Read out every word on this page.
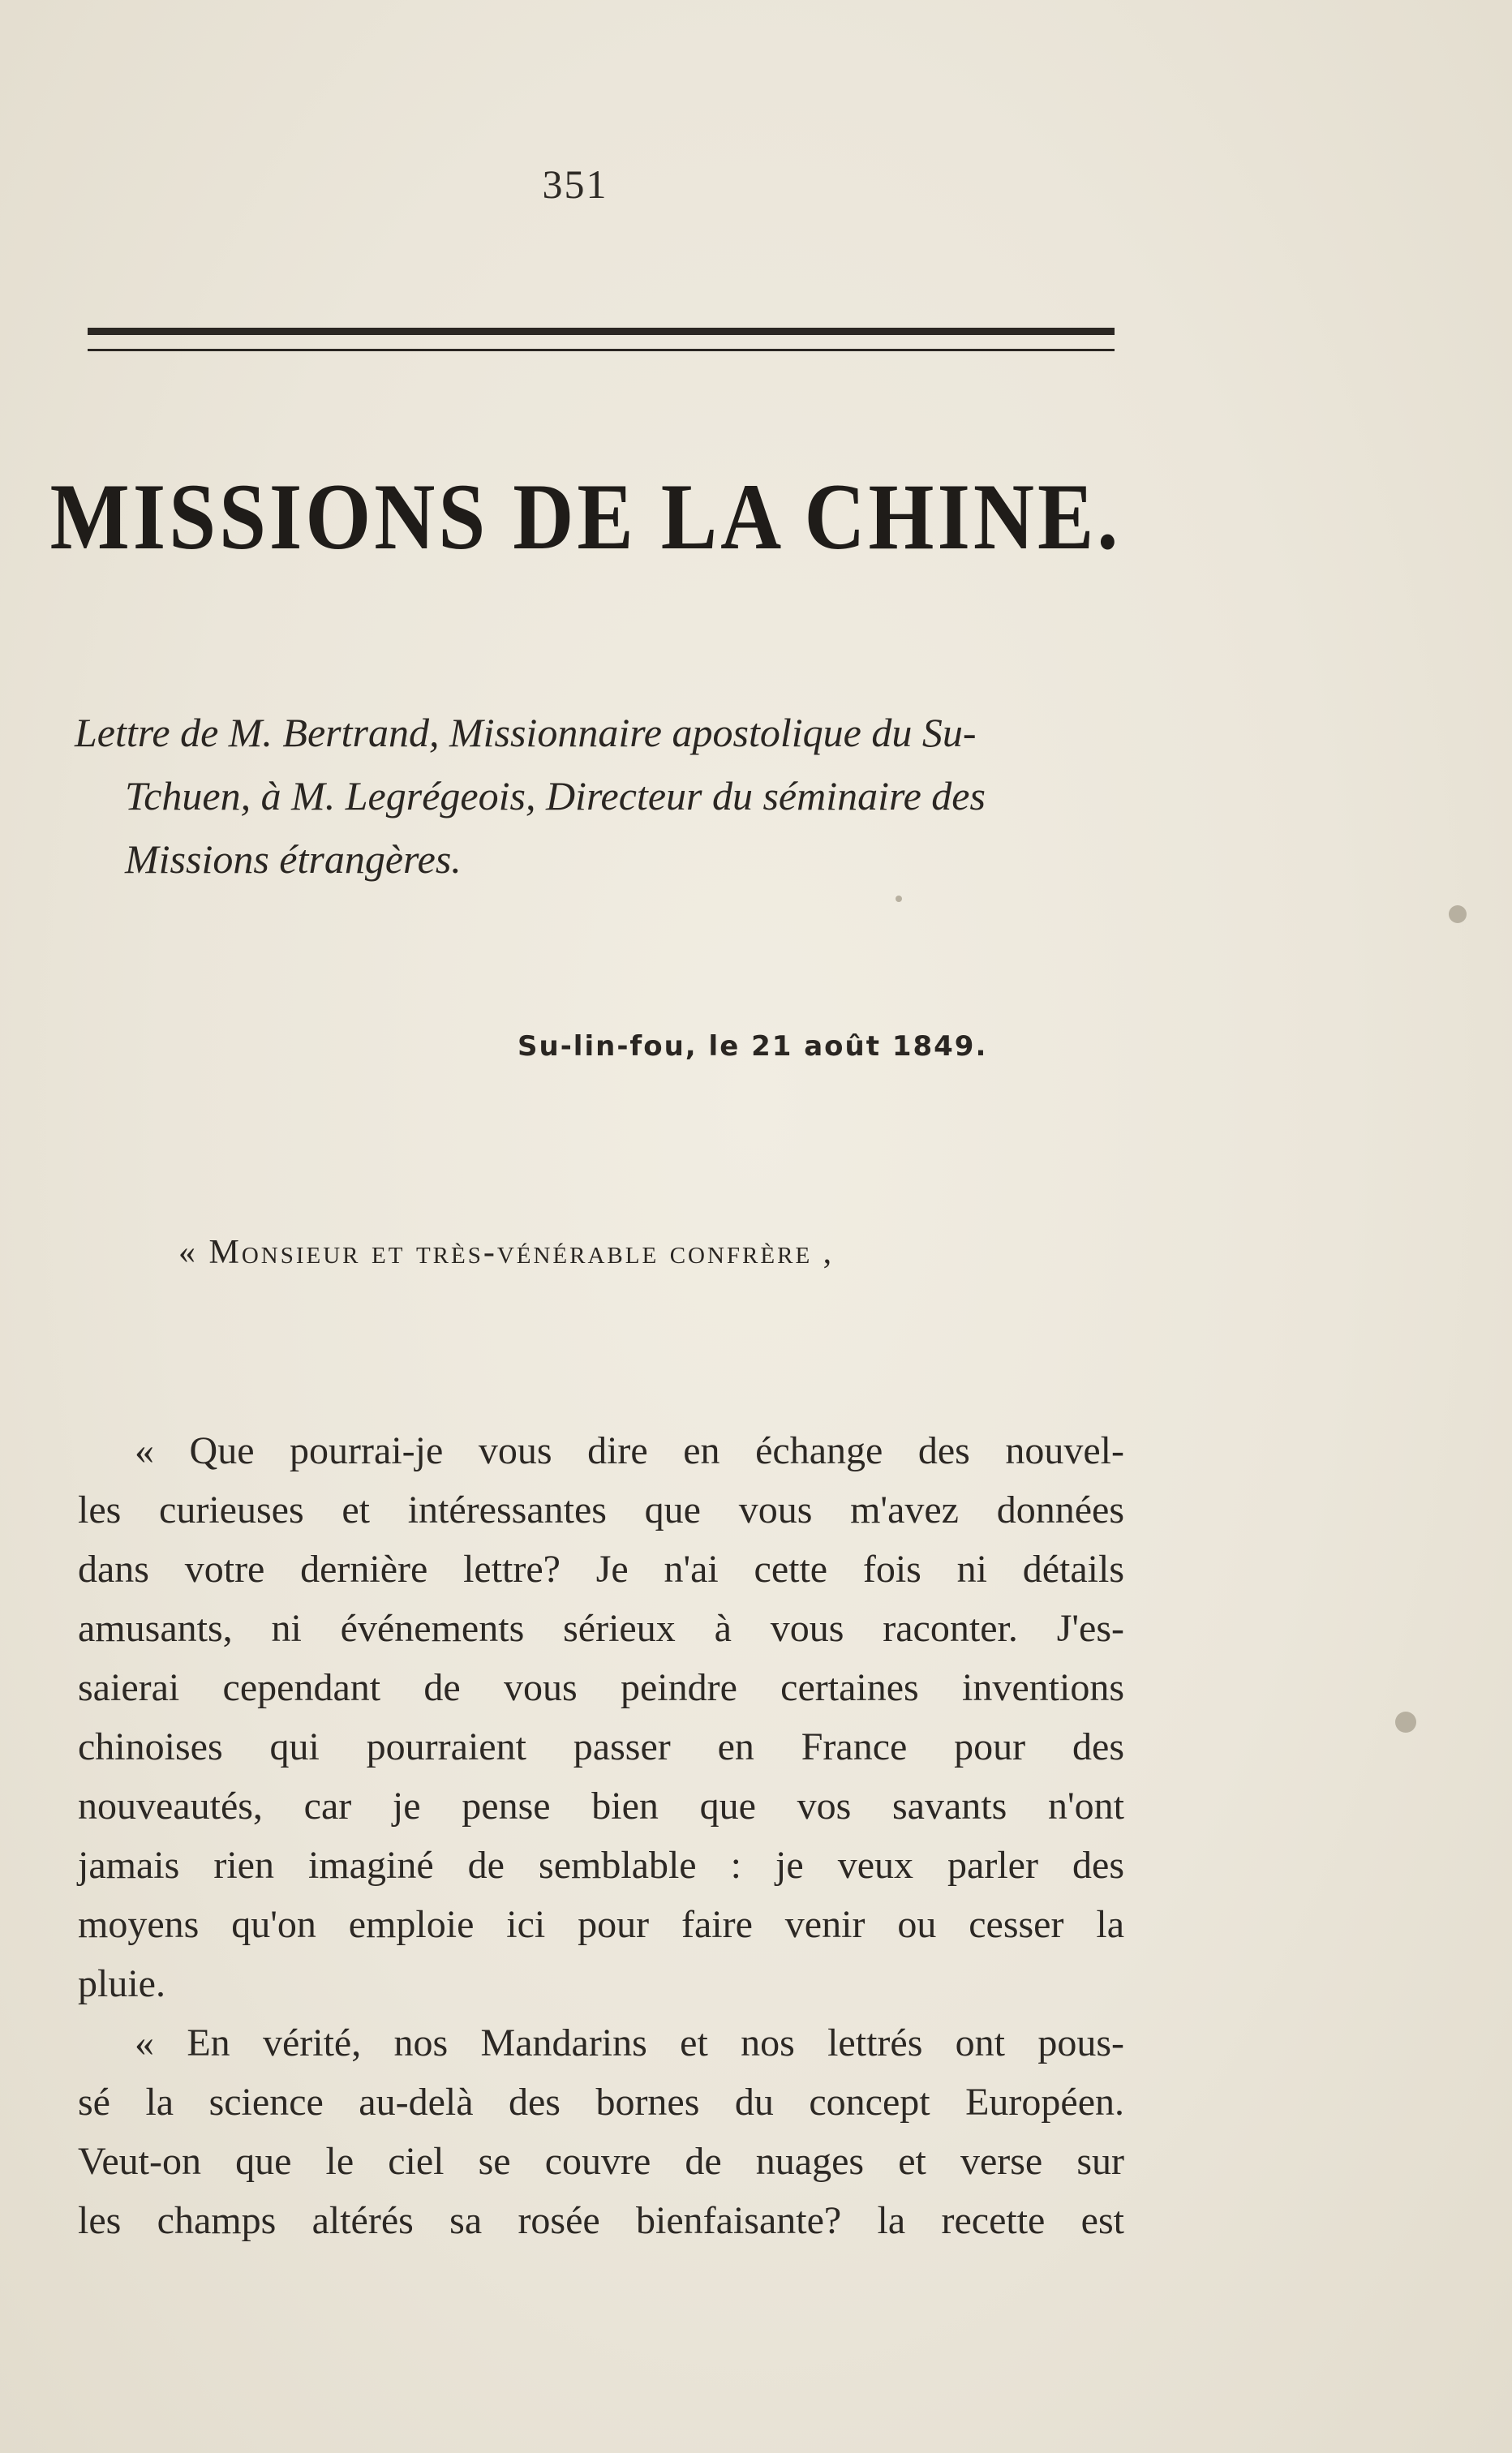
351
MISSIONS DE LA CHINE.
Lettre de M. Bertrand, Missionnaire apostolique du Su-
Tchuen, à M. Legrégeois, Directeur du séminaire des
Missions étrangères.
Su-lin-fou, le 21 août 1849.
« Monsieur et très-vénérable confrère ,
« Que pourrai-je vous dire en échange des nouvel-
les curieuses et intéressantes que vous m'avez données
dans votre dernière lettre? Je n'ai cette fois ni détails
amusants, ni événements sérieux à vous raconter. J'es-
saierai cependant de vous peindre certaines inventions
chinoises qui pourraient passer en France pour des
nouveautés, car je pense bien que vos savants n'ont
jamais rien imaginé de semblable : je veux parler des
moyens qu'on emploie ici pour faire venir ou cesser la
pluie.
« En vérité, nos Mandarins et nos lettrés ont pous-
sé la science au-delà des bornes du concept Européen.
Veut-on que le ciel se couvre de nuages et verse sur
les champs altérés sa rosée bienfaisante? la recette est
